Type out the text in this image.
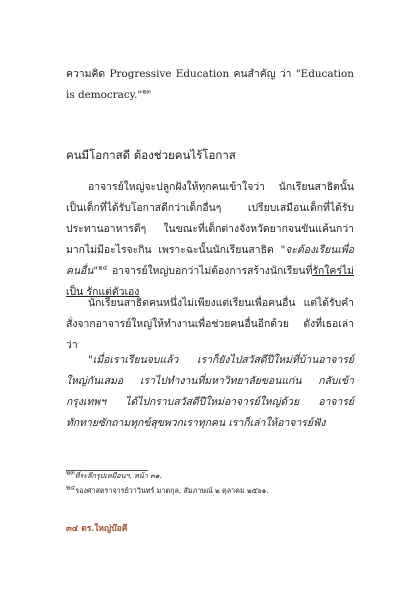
ความคิด Progressive Education คนสำคัญ ว่า "Education is democracy."$^{๒๓}$
คนมีโอกาสดี ต้องช่วยคนไร้โอกาส
อาจารย์ใหญ่จะปลูกฝังให้ทุกคนเข้าใจว่า นักเรียนสาธิตนั้นเป็นเด็กที่ได้รับโอกาสดีกว่าเด็กอื่นๆ เปรียบเสมือนเด็กที่ได้รับประทานอาหารดีๆ ในขณะที่เด็กต่างจังหวัดยากจนขันแค้นกว่ามากไม่มีอะไรจะกิน เพราะฉะนั้นนักเรียนสาธิต "จะต้องเรียนเพื่อคนอื่น"$^{๒๔}$ อาจารย์ใหญ่บอกว่าไม่ต้องการสร้างนักเรียนที่รักใคร่ไม่เป็น รักแต่ตัวเอง
นักเรียนสาธิตคนหนึ่งไม่เพียงแต่เรียนเพื่อคนอื่น แต่ได้รับคำสั่งจากอาจารย์ใหญ่ให้ทำงานเพื่อช่วยคนอื่นอีกด้วย ดังที่เธอเล่าว่า
"เมื่อเราเรียนจบแล้ว เราก็ยังไปสวัสดีปีใหม่ที่บ้านอาจารย์ใหญ่กันเสมอ เราไปทำงานที่มหาวิทยาลัยขอนแก่น กลับเข้ากรุงเทพฯ ได้ไปกราบสวัสดีปีใหม่อาจารย์ใหญ่ด้วย อาจารย์ทักทายซักถามทุกข์สุขพวกเราทุกคน เราก็เล่าให้อาจารย์ฟัง
$^{๒๓}$ที่ระลึกรุปเหมือนฯ, หน้า ๓๑.
$^{๒๔}$รองศาสตราจารย์วาวินทร์ มาตกุล, สัมภาษณ์ ๒ ตุลาคม ๒๕๖๑.
๓๔ ดร.ใหญ่บ๊อคี
